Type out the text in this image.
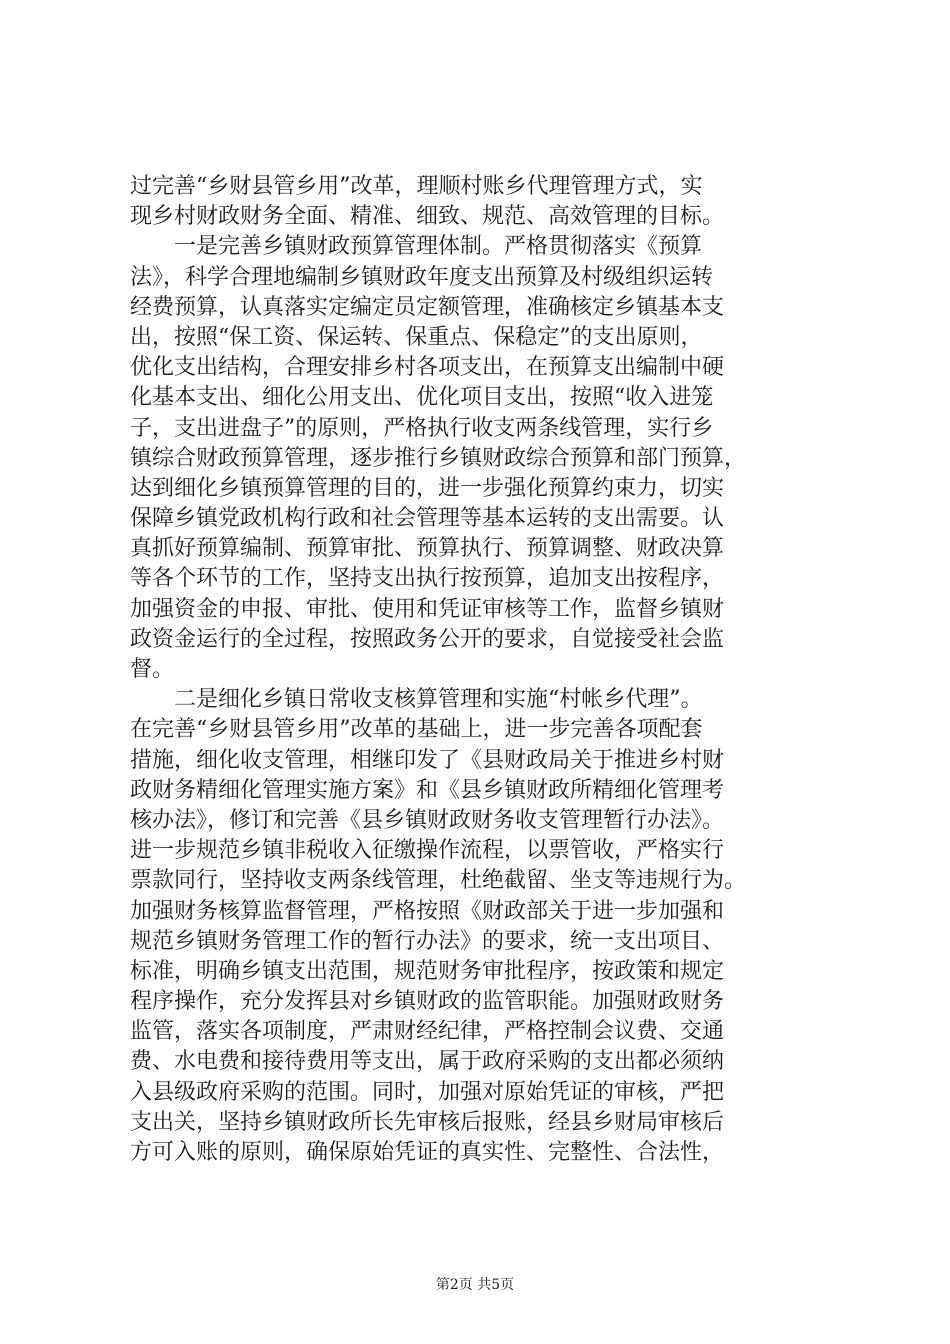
过完善“乡财县管乡用”改革，理顺村账乡代理管理方式，实
现乡村财政财务全面、精准、细致、规范、高效管理的目标。
　　一是完善乡镇财政预算管理体制。严格贯彻落实《预算
法》，科学合理地编制乡镇财政年度支出预算及村级组织运转
经费预算，认真落实定编定员定额管理，准确核定乡镇基本支
出，按照“保工资、保运转、保重点、保稳定”的支出原则，
优化支出结构，合理安排乡村各项支出，在预算支出编制中硬
化基本支出、细化公用支出、优化项目支出，按照“收入进笼
子，支出进盘子”的原则，严格执行收支两条线管理，实行乡
镇综合财政预算管理，逐步推行乡镇财政综合预算和部门预算，
达到细化乡镇预算管理的目的，进一步强化预算约束力，切实
保障乡镇党政机构行政和社会管理等基本运转的支出需要。认
真抓好预算编制、预算审批、预算执行、预算调整、财政决算
等各个环节的工作，坚持支出执行按预算，追加支出按程序，
加强资金的申报、审批、使用和凭证审核等工作，监督乡镇财
政资金运行的全过程，按照政务公开的要求，自觉接受社会监
督。
　　二是细化乡镇日常收支核算管理和实施“村帐乡代理”。
在完善“乡财县管乡用”改革的基础上，进一步完善各项配套
措施，细化收支管理，相继印发了《县财政局关于推进乡村财
政财务精细化管理实施方案》和《县乡镇财政所精细化管理考
核办法》，修订和完善《县乡镇财政财务收支管理暂行办法》。
进一步规范乡镇非税收入征缴操作流程，以票管收，严格实行
票款同行，坚持收支两条线管理，杜绝截留、坐支等违规行为。
加强财务核算监督管理，严格按照《财政部关于进一步加强和
规范乡镇财务管理工作的暂行办法》的要求，统一支出项目、
标准，明确乡镇支出范围，规范财务审批程序，按政策和规定
程序操作，充分发挥县对乡镇财政的监管职能。加强财政财务
监管，落实各项制度，严肃财经纪律，严格控制会议费、交通
费、水电费和接待费用等支出，属于政府采购的支出都必须纳
入县级政府采购的范围。同时，加强对原始凭证的审核，严把
支出关，坚持乡镇财政所长先审核后报账，经县乡财局审核后
方可入账的原则，确保原始凭证的真实性、完整性、合法性，
第2页 共5页
